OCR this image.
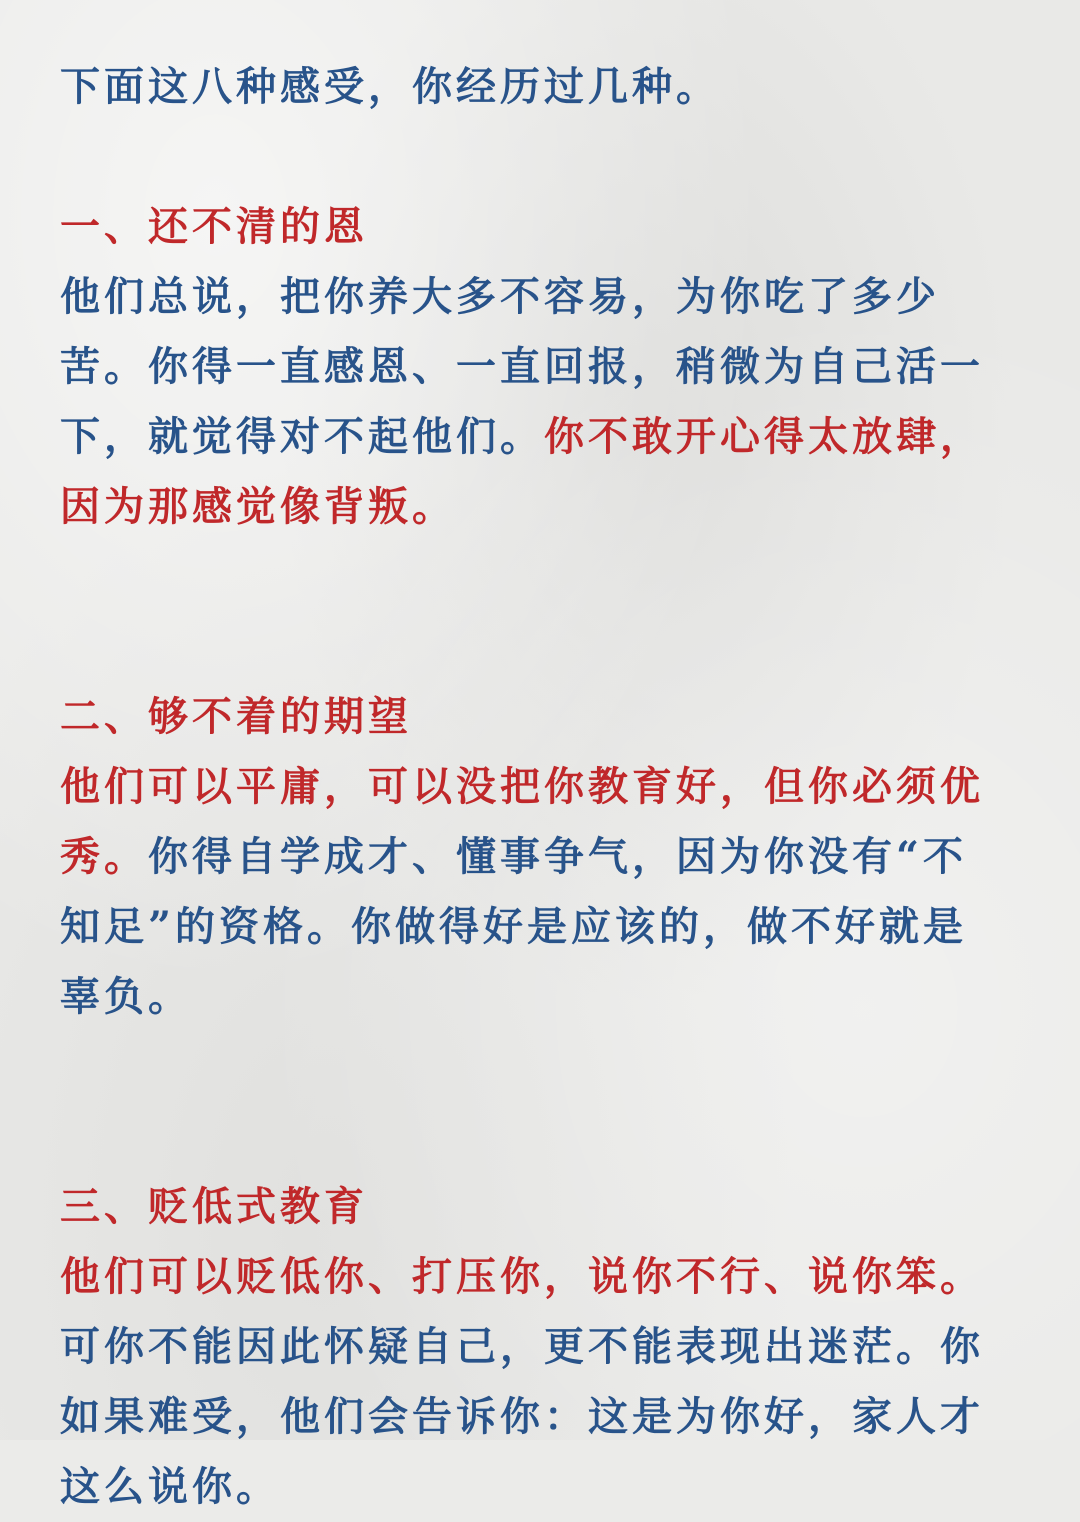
下面这八种感受，你经历过几种。
一、还不清的恩
他们总说，把你养大多不容易，为你吃了多少
苦。你得一直感恩、一直回报，稍微为自己活一
下，就觉得对不起他们。你不敢开心得太放肆，
因为那感觉像背叛。
二、够不着的期望
他们可以平庸，可以没把你教育好，但你必须优
秀。你得自学成才、懂事争气，因为你没有“不
知足”的资格。你做得好是应该的，做不好就是
辜负。
三、贬低式教育
他们可以贬低你、打压你，说你不行、说你笨。
可你不能因此怀疑自己，更不能表现出迷茫。你
如果难受，他们会告诉你：这是为你好，家人才
这么说你。
